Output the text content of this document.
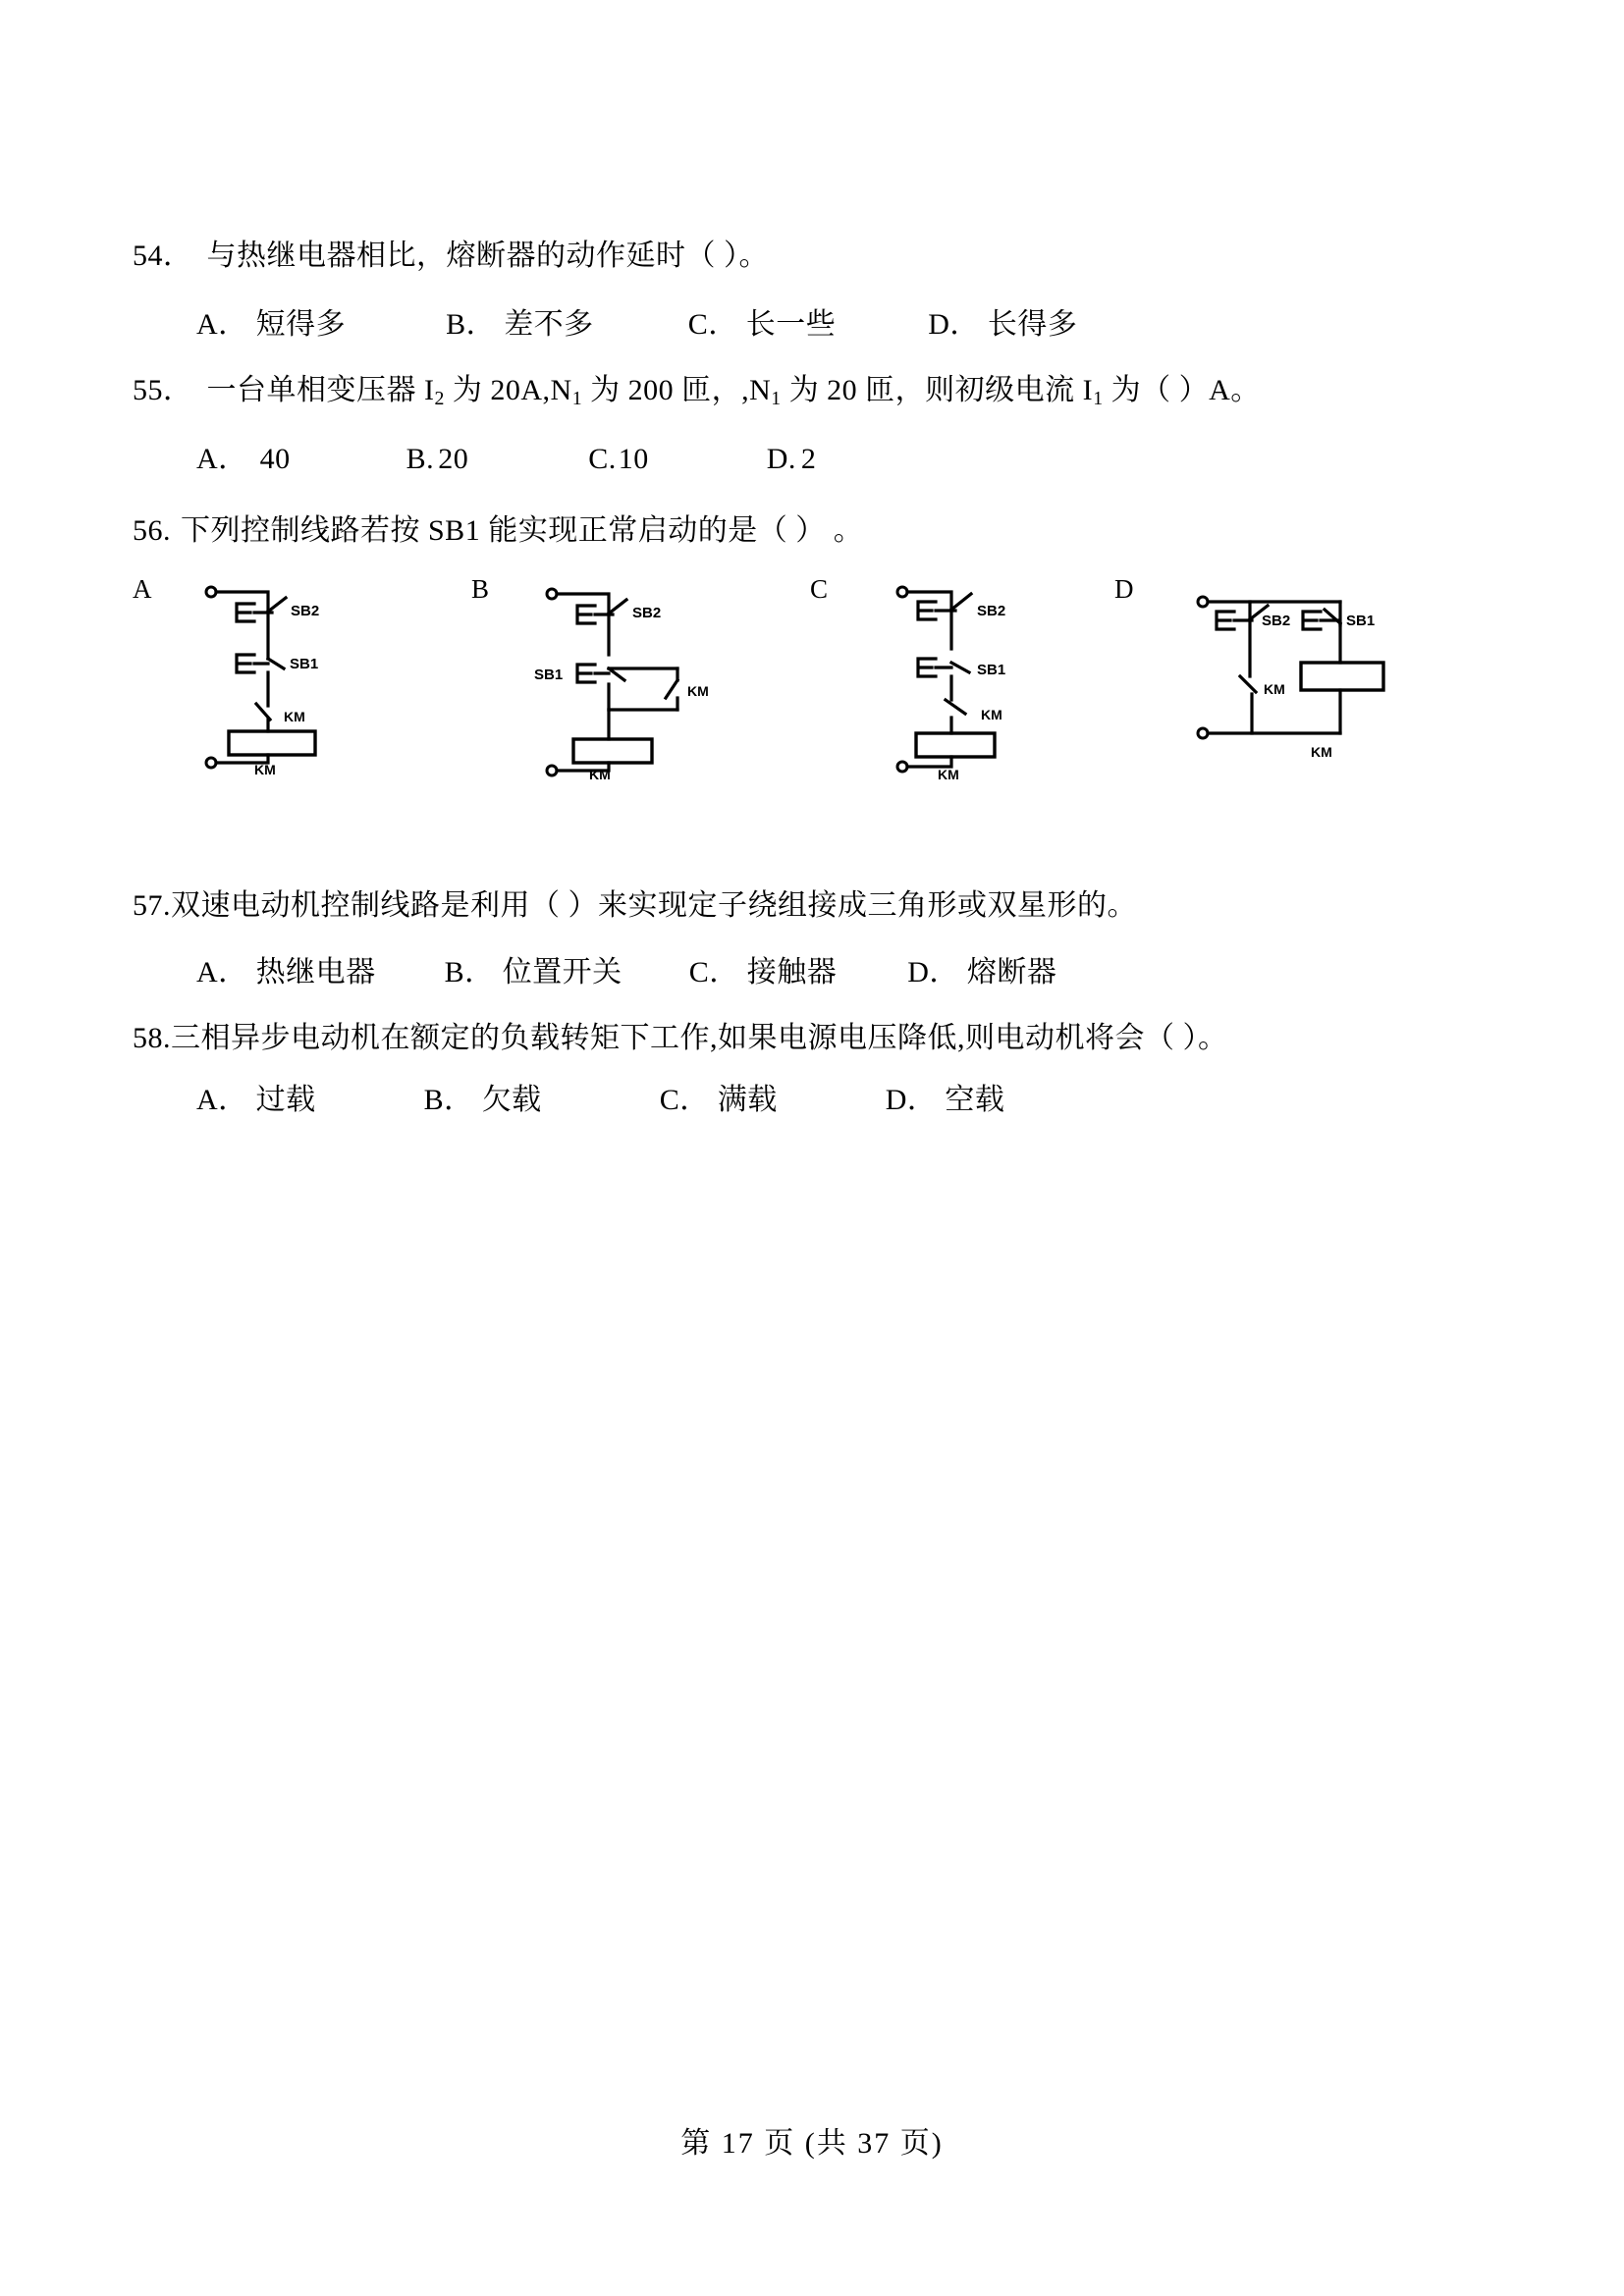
54． 与热继电器相比，熔断器的动作延时（ ）。
A． 短得多	B． 差不多	C． 长一些	D． 长得多
55． 一台单相变压器 $I_2$ 为 $20A,N_1$ 为 200 匝，$,N_1$ 为 20 匝，则初级电流 $I_1$ 为（ ）A。
A． 40	B. 20	C.10	D. 2
56. 下列控制线路若按 SB1 能实现正常启动的是（ ） 。
A
SB2
SB1
KM
KM
B
SB2
SB1
KM
KM
C
SB2
SB1
KM
KM
D
SB2	SB1
KM
KM
57.双速电动机控制线路是利用（ ）来实现定子绕组接成三角形或双星形的。
A． 热继电器 B． 位置开关 C． 接触器 D． 熔断器
58.三相异步电动机在额定的负载转矩下工作,如果电源电压降低,则电动机将会（ ）。
A． 过载	B． 欠载	C． 满载	D． 空载
第 17 页 (共 37 页)
